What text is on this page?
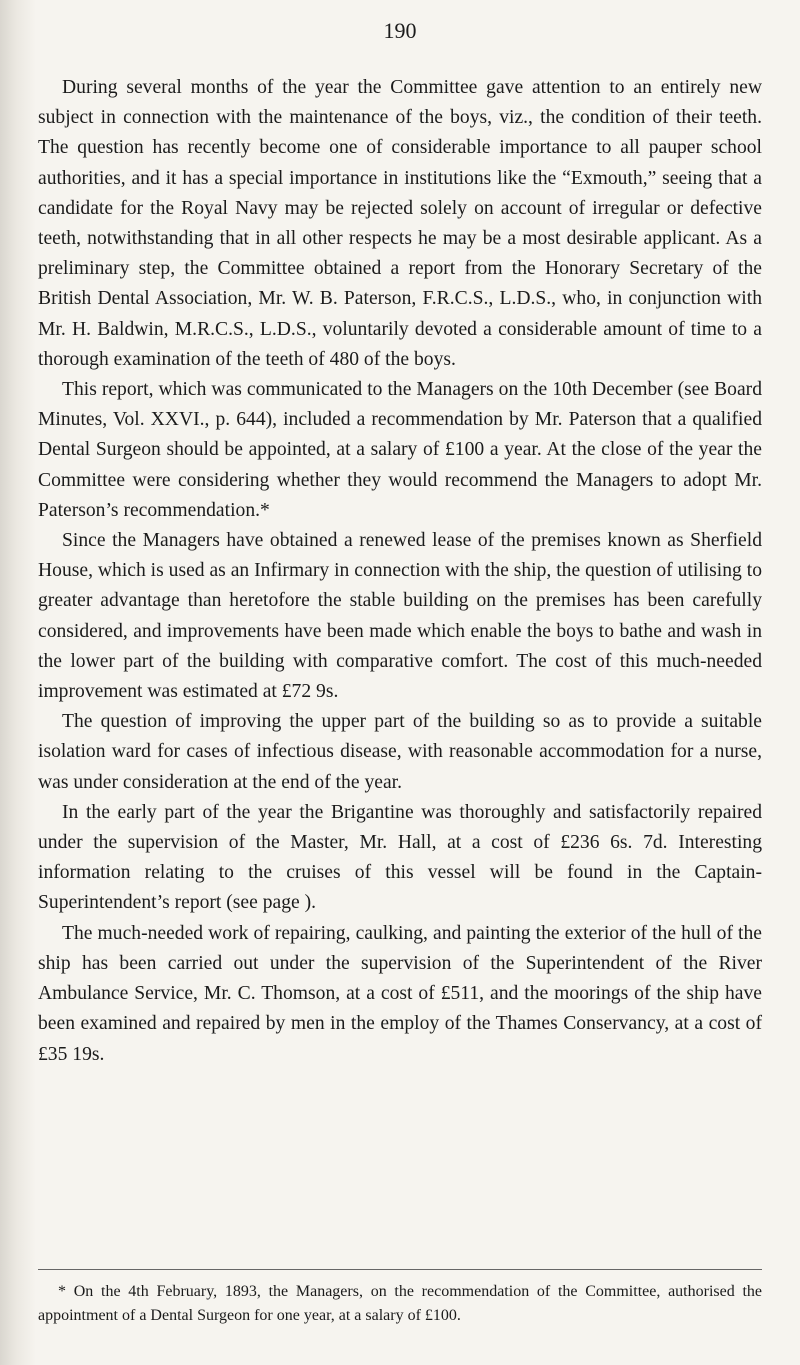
190

During several months of the year the Committee gave attention to an entirely new subject in connection with the maintenance of the boys, viz., the condition of their teeth. The question has recently become one of considerable importance to all pauper school authorities, and it has a special importance in institutions like the “Exmouth,” seeing that a candidate for the Royal Navy may be rejected solely on account of irregular or defective teeth, notwithstanding that in all other respects he may be a most desirable applicant. As a preliminary step, the Committee obtained a report from the Honorary Secretary of the British Dental Association, Mr. W. B. Paterson, F.R.C.S., L.D.S., who, in conjunction with Mr. H. Baldwin, M.R.C.S., L.D.S., voluntarily devoted a considerable amount of time to a thorough examination of the teeth of 480 of the boys.

This report, which was communicated to the Managers on the 10th December (see Board Minutes, Vol. XXVI., p. 644), included a recommendation by Mr. Paterson that a qualified Dental Surgeon should be appointed, at a salary of £100 a year. At the close of the year the Committee were considering whether they would recommend the Managers to adopt Mr. Paterson’s recommendation.*

Since the Managers have obtained a renewed lease of the premises known as Sherfield House, which is used as an Infirmary in connection with the ship, the question of utilising to greater advantage than heretofore the stable building on the premises has been carefully considered, and improvements have been made which enable the boys to bathe and wash in the lower part of the building with comparative comfort. The cost of this much-needed improvement was estimated at £72 9s.

The question of improving the upper part of the building so as to provide a suitable isolation ward for cases of infectious disease, with reasonable accommodation for a nurse, was under consideration at the end of the year.

In the early part of the year the Brigantine was thoroughly and satisfactorily repaired under the supervision of the Master, Mr. Hall, at a cost of £236 6s. 7d. Interesting information relating to the cruises of this vessel will be found in the Captain-Superintendent’s report (see page ).

The much-needed work of repairing, caulking, and painting the exterior of the hull of the ship has been carried out under the supervision of the Superintendent of the River Ambulance Service, Mr. C. Thomson, at a cost of £511, and the moorings of the ship have been examined and repaired by men in the employ of the Thames Conservancy, at a cost of £35 19s.

* On the 4th February, 1893, the Managers, on the recommendation of the Committee, authorised the appointment of a Dental Surgeon for one year, at a salary of £100.
